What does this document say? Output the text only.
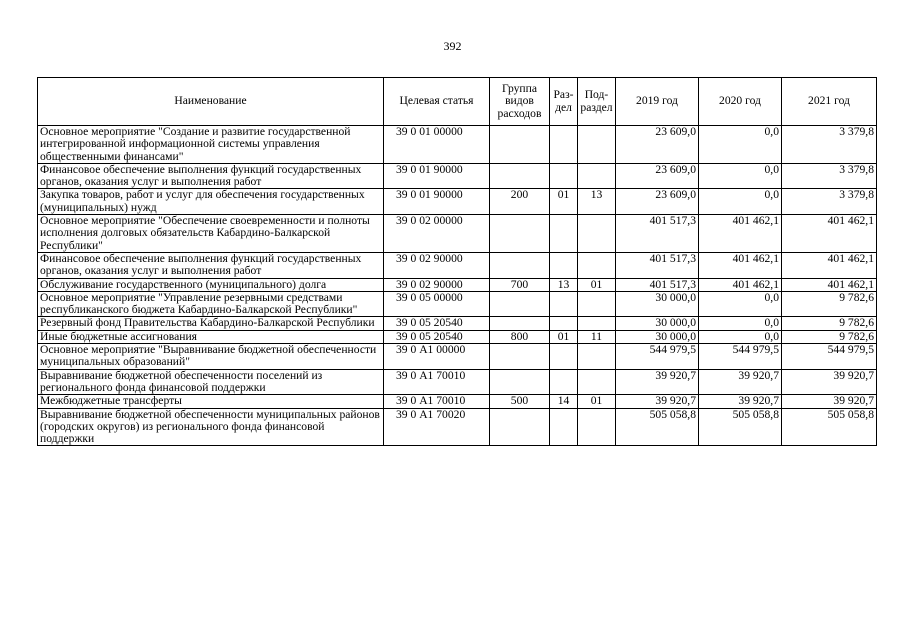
392
Наименование	Целевая статья	Группа видов расходов	Раз-дел	Под-раздел	2019 год	2020 год	2021 год
Основное мероприятие "Создание и развитие государственной интегрированной информационной системы управления общественными финансами"	39 0 01 00000				23 609,0	0,0	3 379,8
Финансовое обеспечение выполнения функций государственных органов, оказания услуг и выполнения работ	39 0 01 90000				23 609,0	0,0	3 379,8
Закупка товаров, работ и услуг для обеспечения государственных (муниципальных) нужд	39 0 01 90000	200	01	13	23 609,0	0,0	3 379,8
Основное мероприятие "Обеспечение своевременности и полноты исполнения долговых обязательств Кабардино-Балкарской Республики"	39 0 02 00000				401 517,3	401 462,1	401 462,1
Финансовое обеспечение выполнения функций государственных органов, оказания услуг и выполнения работ	39 0 02 90000				401 517,3	401 462,1	401 462,1
Обслуживание государственного (муниципального) долга	39 0 02 90000	700	13	01	401 517,3	401 462,1	401 462,1
Основное мероприятие "Управление резервными средствами республиканского бюджета Кабардино-Балкарской Республики"	39 0 05 00000				30 000,0	0,0	9 782,6
Резервный фонд Правительства Кабардино-Балкарской Республики	39 0 05 20540				30 000,0	0,0	9 782,6
Иные бюджетные ассигнования	39 0 05 20540	800	01	11	30 000,0	0,0	9 782,6
Основное мероприятие "Выравнивание бюджетной обеспеченности муниципальных образований"	39 0 А1 00000				544 979,5	544 979,5	544 979,5
Выравнивание бюджетной обеспеченности поселений из регионального фонда финансовой поддержки	39 0 А1 70010				39 920,7	39 920,7	39 920,7
Межбюджетные трансферты	39 0 А1 70010	500	14	01	39 920,7	39 920,7	39 920,7
Выравнивание бюджетной обеспеченности муниципальных районов (городских округов) из регионального фонда финансовой поддержки	39 0 А1 70020				505 058,8	505 058,8	505 058,8
